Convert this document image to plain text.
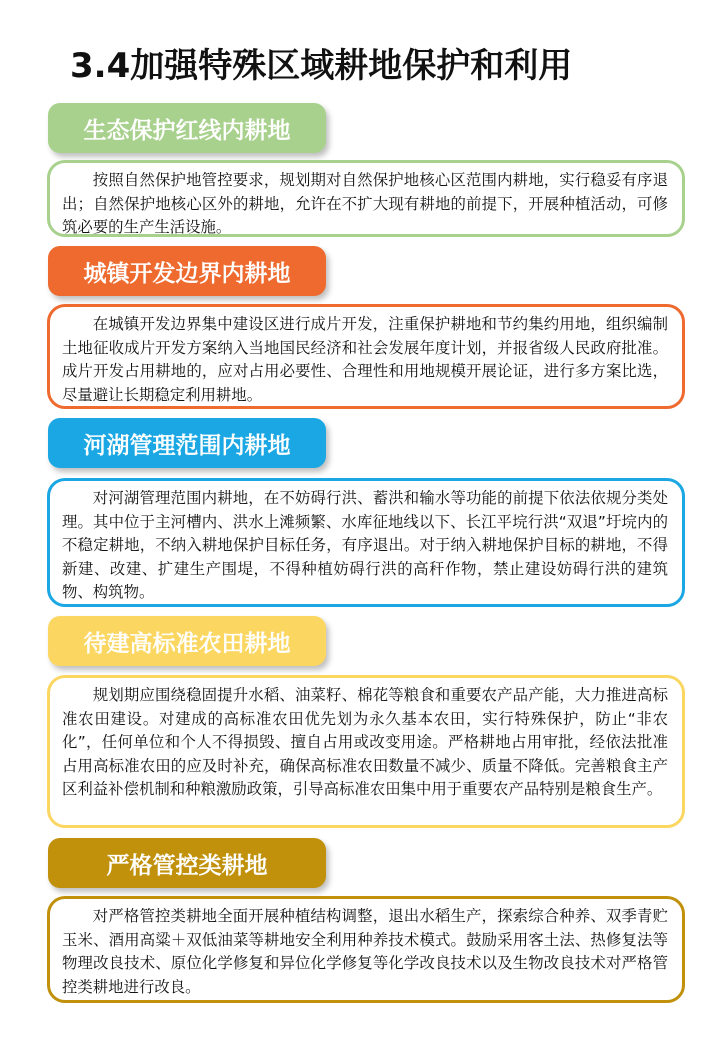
3.4加强特殊区域耕地保护和利用
生态保护红线内耕地

按照自然保护地管控要求，规划期对自然保护地核心区范围内耕地，实行稳妥有序退出；自然保护地核心区外的耕地，允许在不扩大现有耕地的前提下，开展种植活动，可修筑必要的生产生活设施。

城镇开发边界内耕地

在城镇开发边界集中建设区进行成片开发，注重保护耕地和节约集约用地，组织编制土地征收成片开发方案纳入当地国民经济和社会发展年度计划，并报省级人民政府批准。成片开发占用耕地的，应对占用必要性、合理性和用地规模开展论证，进行多方案比选，尽量避让长期稳定利用耕地。

河湖管理范围内耕地

对河湖管理范围内耕地，在不妨碍行洪、蓄洪和输水等功能的前提下依法依规分类处理。其中位于主河槽内、洪水上滩频繁、水库征地线以下、长江平垸行洪“双退”圩垸内的不稳定耕地，不纳入耕地保护目标任务，有序退出。对于纳入耕地保护目标的耕地，不得新建、改建、扩建生产围堤，不得种植妨碍行洪的高秆作物，禁止建设妨碍行洪的建筑物、构筑物。

待建高标准农田耕地

规划期应围绕稳固提升水稻、油菜籽、棉花等粮食和重要农产品产能，大力推进高标准农田建设。对建成的高标准农田优先划为永久基本农田，实行特殊保护，防止“非农化”，任何单位和个人不得损毁、擅自占用或改变用途。严格耕地占用审批，经依法批准占用高标准农田的应及时补充，确保高标准农田数量不减少、质量不降低。完善粮食主产区利益补偿机制和种粮激励政策，引导高标准农田集中用于重要农产品特别是粮食生产。

严格管控类耕地

对严格管控类耕地全面开展种植结构调整，退出水稻生产，探索综合种养、双季青贮玉米、酒用高粱＋双低油菜等耕地安全利用种养技术模式。鼓励采用客土法、热修复法等物理改良技术、原位化学修复和异位化学修复等化学改良技术以及生物改良技术对严格管控类耕地进行改良。
